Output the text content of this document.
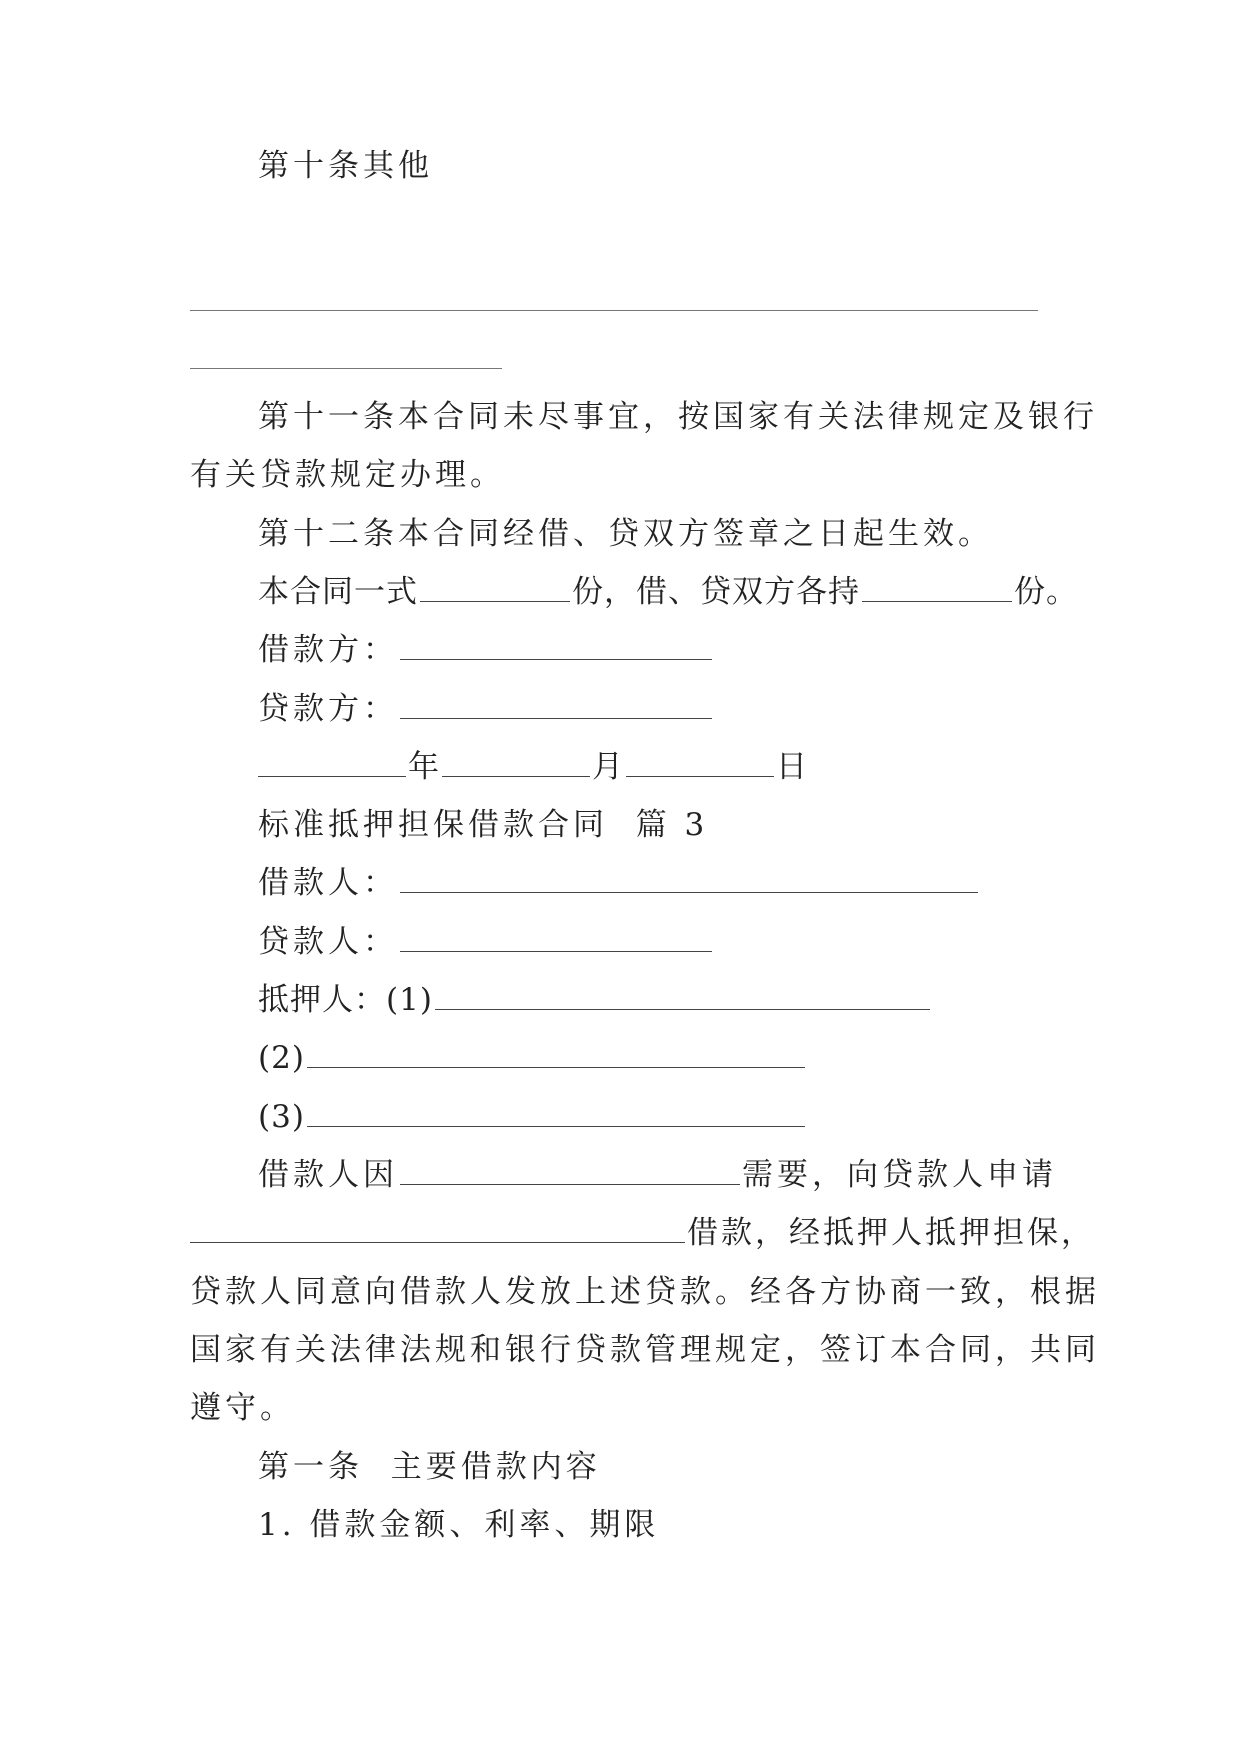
第十条其他
第十一条本合同未尽事宜，按国家有关法律规定及银行
有关贷款规定办理。
第十二条本合同经借、贷双方签章之日起生效。
本合同一式	份，借、贷双方各持	份。
借款方：
贷款方：
年	月	日
标准抵押担保借款合同  篇 3
借款人：
贷款人：
抵押人：(1)
(2)
(3)
借款人因	需要，向贷款人申请
借款，经抵押人抵押担保，
贷款人同意向借款人发放上述贷款。经各方协商一致，根据
国家有关法律法规和银行贷款管理规定，签订本合同，共同
遵守。
第一条  主要借款内容
1. 借款金额、利率、期限
